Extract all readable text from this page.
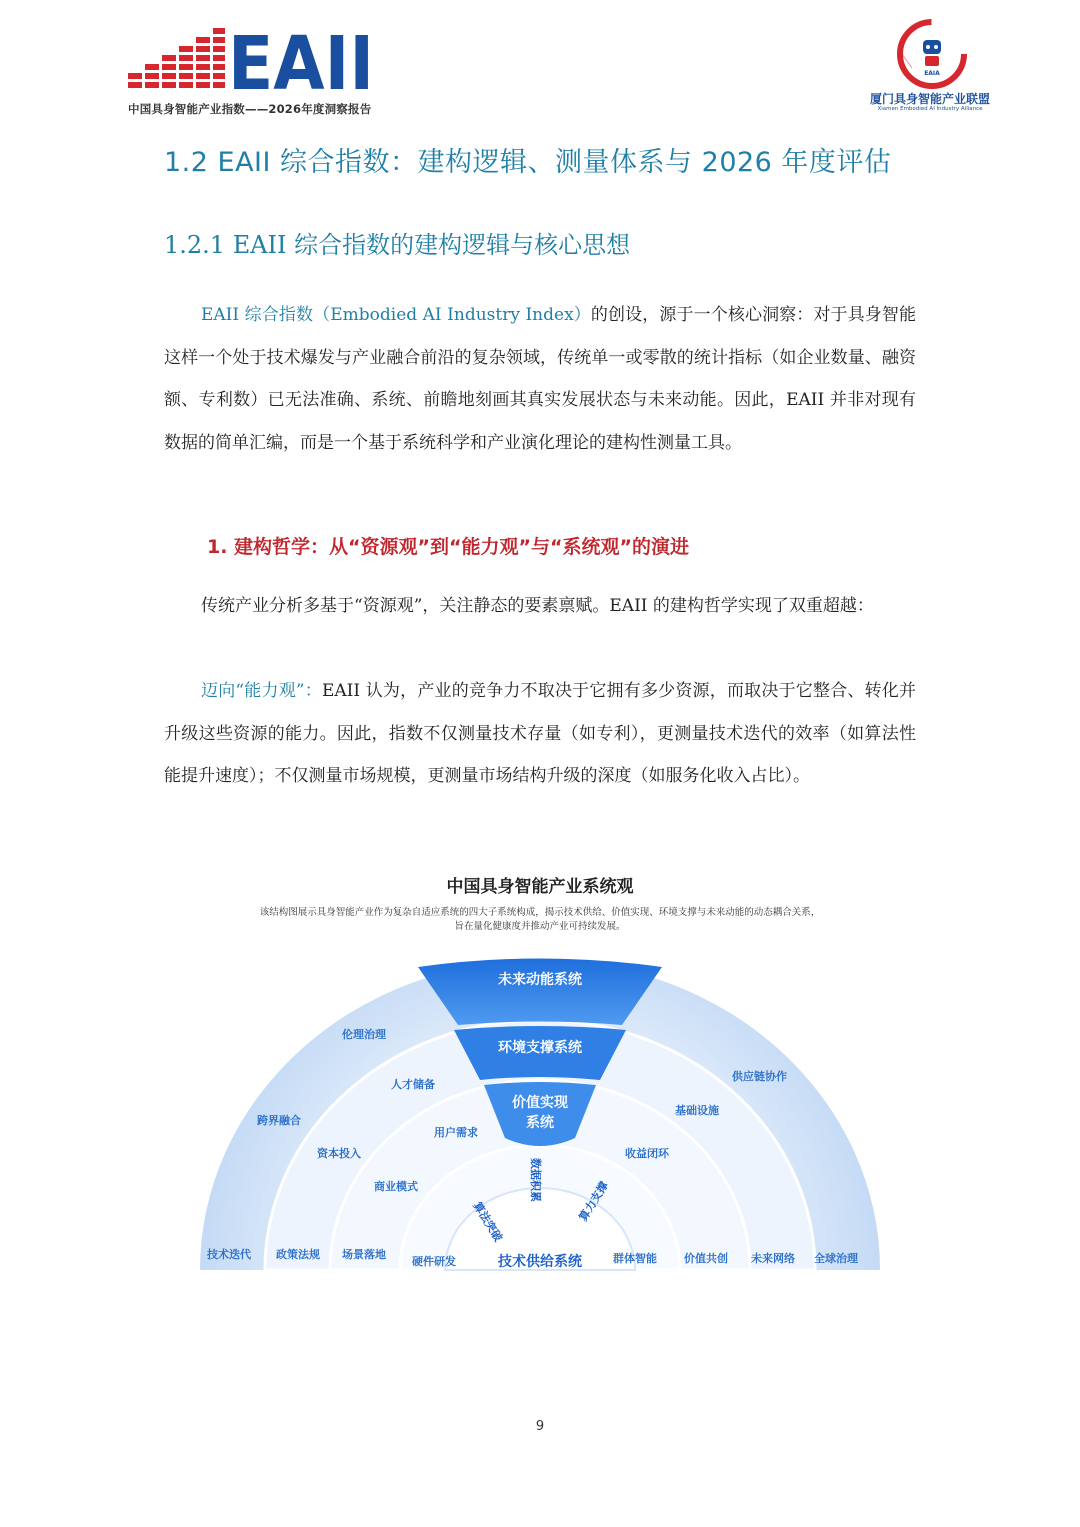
EAII
中国具身智能产业指数——2026年度洞察报告
EAIA
厦门具身智能产业联盟
Xiamen Embodied AI Industry Alliance
1.2 EAII 综合指数：建构逻辑、测量体系与 2026 年度评估
1.2.1 EAII 综合指数的建构逻辑与核心思想
EAII 综合指数（Embodied AI Industry Index）的创设，源于一个核心洞察：对于具身智能这样一个处于技术爆发与产业融合前沿的复杂领域，传统单一或零散的统计指标（如企业数量、融资额、专利数）已无法准确、系统、前瞻地刻画其真实发展状态与未来动能。因此，EAII 并非对现有数据的简单汇编，而是一个基于系统科学和产业演化理论的建构性测量工具。
1. 建构哲学：从“资源观”到“能力观”与“系统观”的演进
传统产业分析多基于“资源观”，关注静态的要素禀赋。EAII 的建构哲学实现了双重超越：
迈向“能力观”：EAII 认为，产业的竞争力不取决于它拥有多少资源，而取决于它整合、转化并升级这些资源的能力。因此，指数不仅测量技术存量（如专利），更测量技术迭代的效率（如算法性能提升速度）；不仅测量市场规模，更测量市场结构升级的深度（如服务化收入占比）。
中国具身智能产业系统观
该结构图展示具身智能产业作为复杂自适应系统的四大子系统构成，揭示技术供给、价值实现、环境支撑与未来动能的动态耦合关系，
旨在量化健康度并推动产业可持续发展。
未来动能系统
环境支撑系统
价值实现
系统
算法突破
数据积累	算力支撑
技术供给系统
伦理治理
供应链协作
人才储备
基础设施
跨界融合
用户需求
资本投入	收益闭环
商业模式
技术迭代 政策法规 场景落地
硬件研发	群体智能 价值共创 未来网络 全球治理
9
